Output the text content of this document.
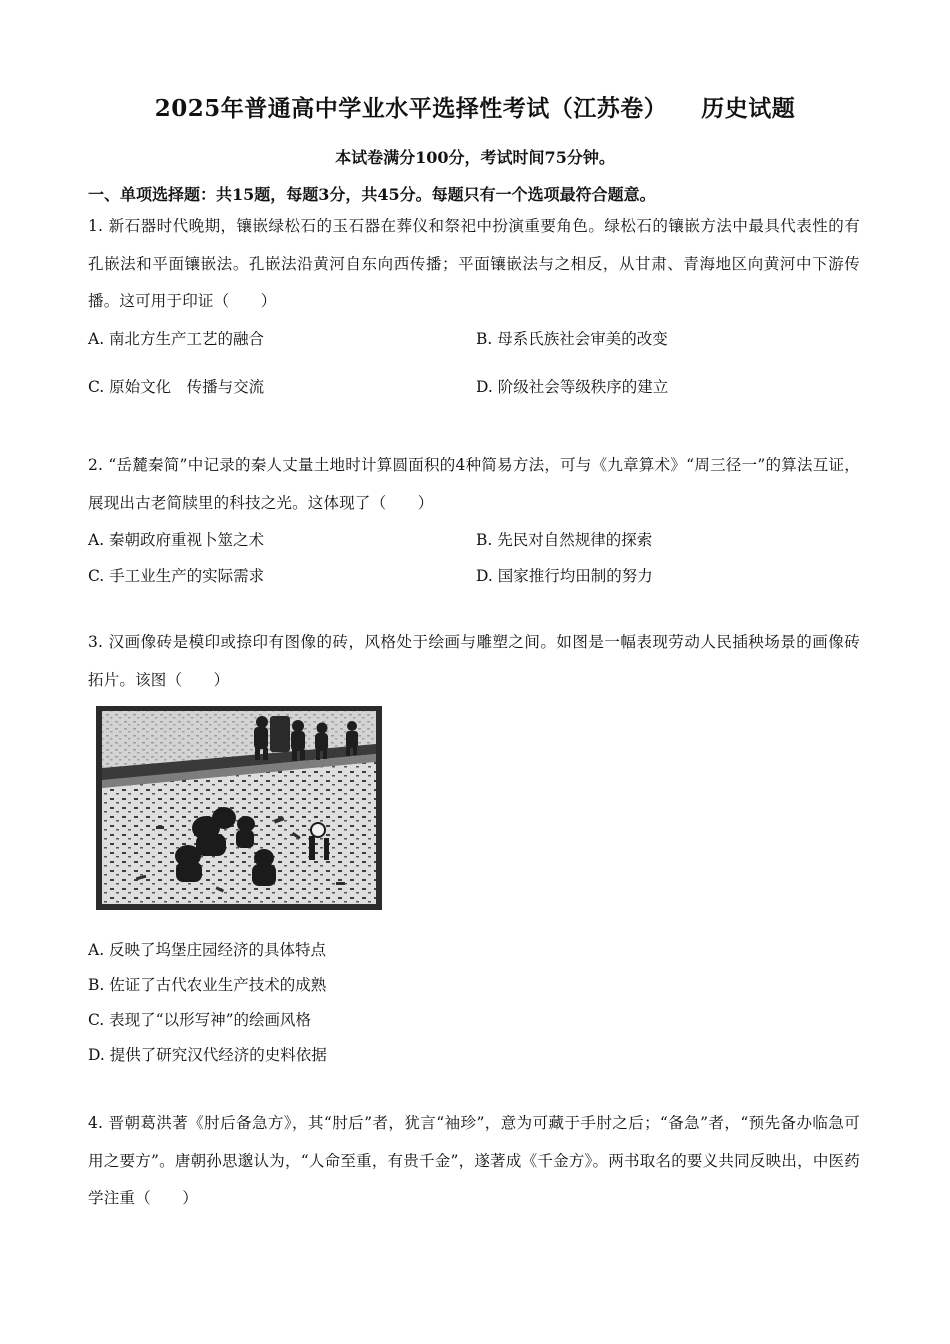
2025年普通高中学业水平选择性考试（江苏卷）    历史试题
本试卷满分100分，考试时间75分钟。
一、单项选择题：共15题，每题3分，共45分。每题只有一个选项最符合题意。
1. 新石器时代晚期，镶嵌绿松石的玉石器在葬仪和祭祀中扮演重要角色。绿松石的镶嵌方法中最具代表性的有孔嵌法和平面镶嵌法。孔嵌法沿黄河自东向西传播；平面镶嵌法与之相反，从甘肃、青海地区向黄河中下游传播。这可用于印证（　　）
A. 南北方生产工艺的融合	B. 母系氏族社会审美的改变
C. 原始文化　传播与交流	D. 阶级社会等级秩序的建立
2. “岳麓秦简”中记录的秦人丈量土地时计算圆面积的4种简易方法，可与《九章算术》“周三径一”的算法互证，展现出古老简牍里的科技之光。这体现了（　　）
A. 秦朝政府重视卜筮之术	B. 先民对自然规律的探索
C. 手工业生产的实际需求	D. 国家推行均田制的努力
3. 汉画像砖是模印或捺印有图像的砖，风格处于绘画与雕塑之间。如图是一幅表现劳动人民插秧场景的画像砖拓片。该图（　　）
A. 反映了坞堡庄园经济的具体特点
B. 佐证了古代农业生产技术的成熟
C. 表现了“以形写神”的绘画风格
D. 提供了研究汉代经济的史料依据
4. 晋朝葛洪著《肘后备急方》，其“肘后”者，犹言“袖珍”，意为可藏于手肘之后；“备急”者，“预先备办临急可用之要方”。唐朝孙思邈认为，“人命至重，有贵千金”，遂著成《千金方》。两书取名的要义共同反映出，中医药学注重（　　）
